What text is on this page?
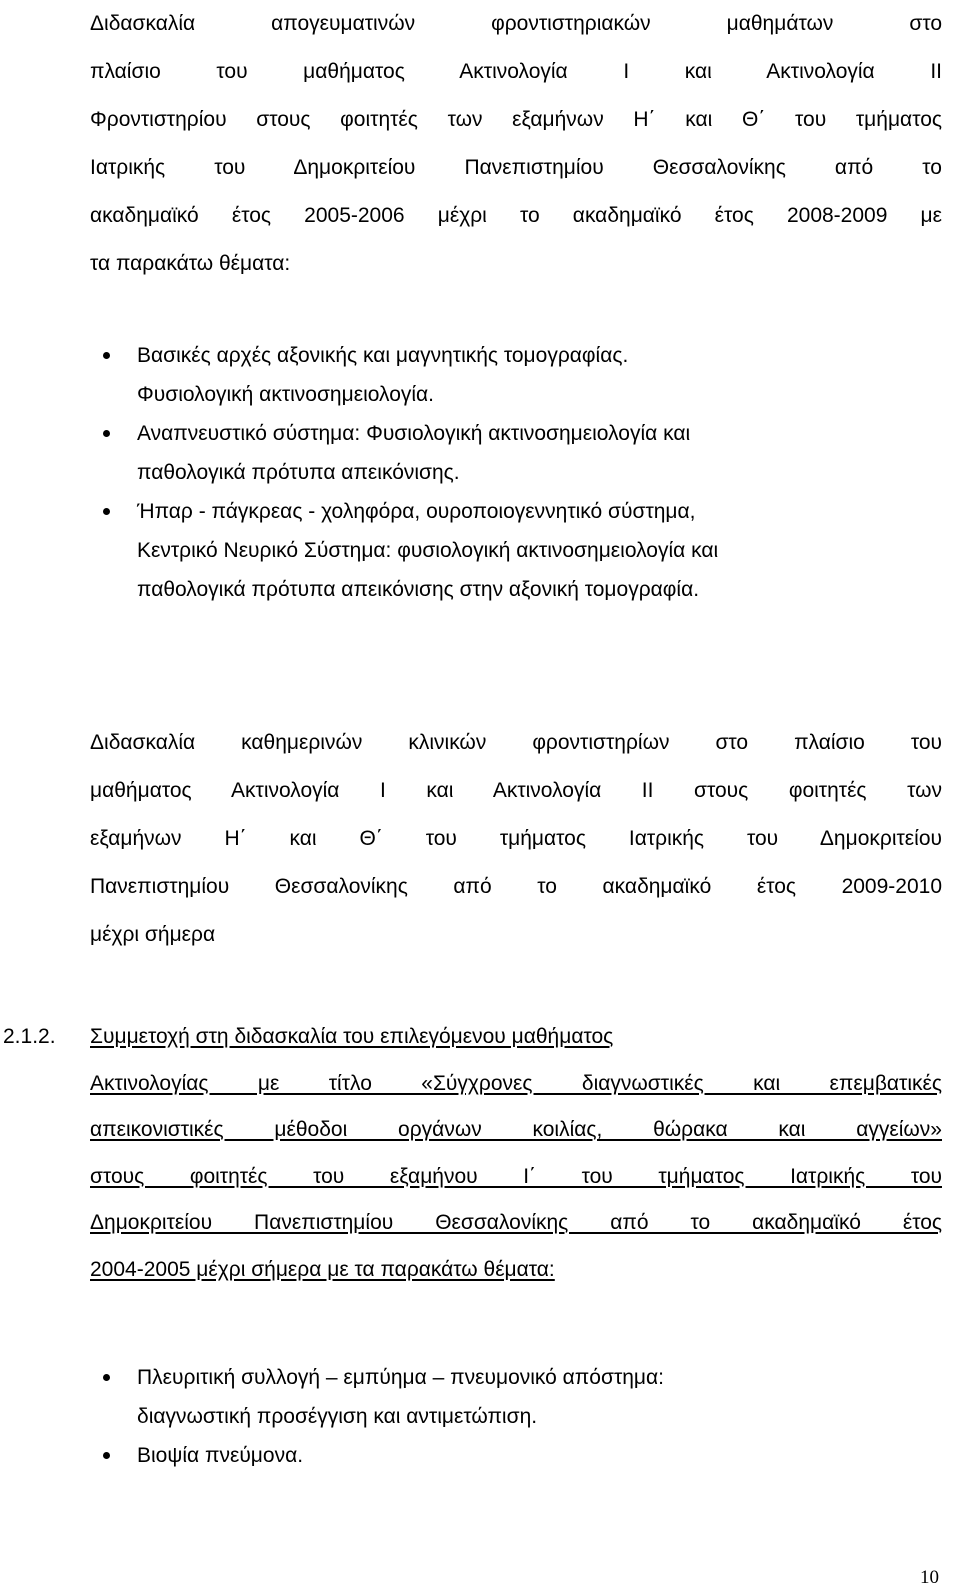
Διδασκαλία απογευματινών φροντιστηριακών μαθημάτων στο
πλαίσιο του μαθήματος Ακτινολογία Ι και Ακτινολογία ΙΙ
Φροντιστηρίου στους φοιτητές των εξαμήνων Η΄ και Θ΄ του τμήματος
Ιατρικής του Δημοκριτείου Πανεπιστημίου Θεσσαλονίκης από το
ακαδημαϊκό έτος 2005-2006 μέχρι το ακαδημαϊκό έτος 2008-2009 με
τα παρακάτω θέματα:
Βασικές αρχές αξονικής και μαγνητικής τομογραφίας.
Φυσιολογική ακτινοσημειολογία.
Αναπνευστικό σύστημα: Φυσιολογική ακτινοσημειολογία και
παθολογικά πρότυπα απεικόνισης.
Ήπαρ - πάγκρεας - χοληφόρα, ουροποιογεννητικό σύστημα,
Κεντρικό Νευρικό Σύστημα: φυσιολογική ακτινοσημειολογία και
παθολογικά πρότυπα απεικόνισης στην αξονική τομογραφία.
Διδασκαλία καθημερινών κλινικών φροντιστηρίων στο πλαίσιο του
μαθήματος Ακτινολογία Ι και Ακτινολογία ΙΙ στους φοιτητές των
εξαμήνων Η΄ και Θ΄ του τμήματος Ιατρικής του Δημοκριτείου
Πανεπιστημίου Θεσσαλονίκης από το ακαδημαϊκό έτος 2009-2010
μέχρι σήμερα
2.1.2. Συμμετοχή στη διδασκαλία του επιλεγόμενου μαθήματος
Ακτινολογίας με τίτλο «Σύγχρονες διαγνωστικές και επεμβατικές
απεικονιστικές μέθοδοι οργάνων κοιλίας, θώρακα και αγγείων»
στους φοιτητές του εξαμήνου Ι΄ του τμήματος Ιατρικής του
Δημοκριτείου Πανεπιστημίου Θεσσαλονίκης από το ακαδημαϊκό έτος
2004-2005 μέχρι σήμερα με τα παρακάτω θέματα:
Πλευριτική συλλογή – εμπύημα – πνευμονικό απόστημα:
διαγνωστική προσέγγιση και αντιμετώπιση.
Βιοψία πνεύμονα.
10
